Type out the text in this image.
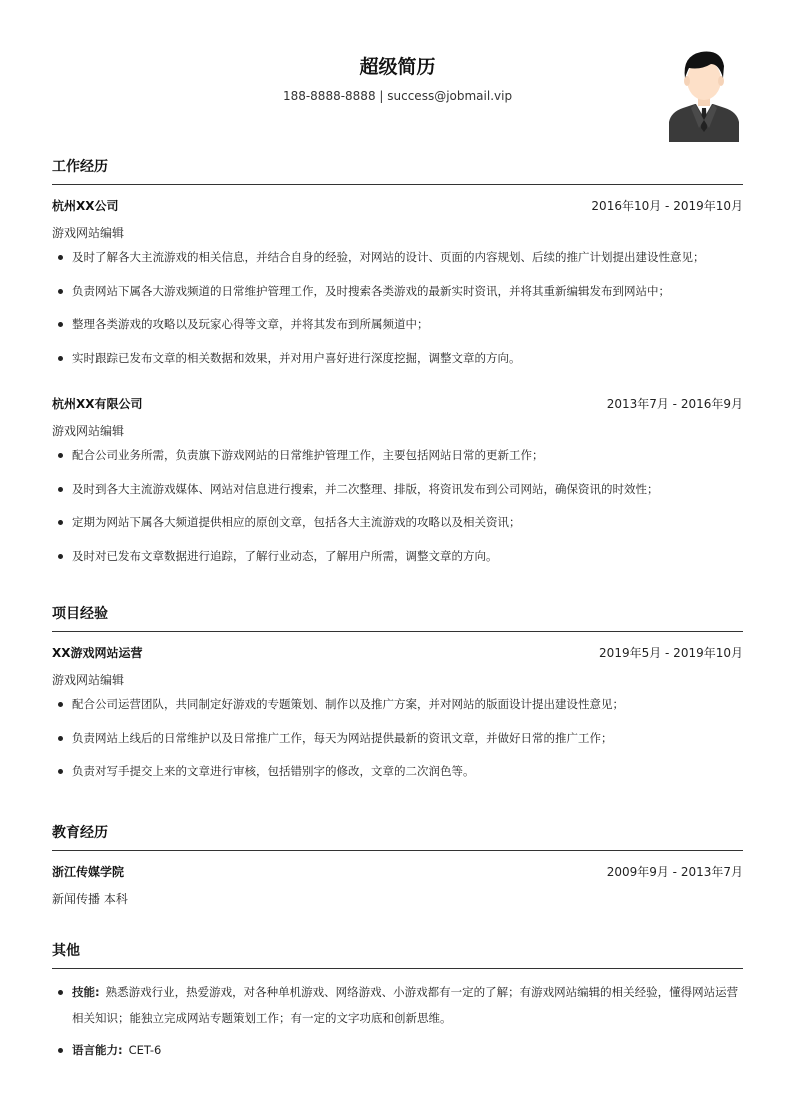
超级简历
188-8888-8888 | success@jobmail.vip
工作经历
杭州XX公司	2016年10月 - 2019年10月
游戏网站编辑
及时了解各大主流游戏的相关信息，并结合自身的经验，对网站的设计、页面的内容规划、后续的推广计划提出建设性意见；
负责网站下属各大游戏频道的日常维护管理工作，及时搜索各类游戏的最新实时资讯，并将其重新编辑发布到网站中；
整理各类游戏的攻略以及玩家心得等文章，并将其发布到所属频道中；
实时跟踪已发布文章的相关数据和效果，并对用户喜好进行深度挖掘，调整文章的方向。
杭州XX有限公司	2013年7月 - 2016年9月
游戏网站编辑
配合公司业务所需，负责旗下游戏网站的日常维护管理工作，主要包括网站日常的更新工作；
及时到各大主流游戏媒体、网站对信息进行搜索，并二次整理、排版，将资讯发布到公司网站，确保资讯的时效性；
定期为网站下属各大频道提供相应的原创文章，包括各大主流游戏的攻略以及相关资讯；
及时对已发布文章数据进行追踪，了解行业动态，了解用户所需，调整文章的方向。
项目经验
XX游戏网站运营	2019年5月 - 2019年10月
游戏网站编辑
配合公司运营团队，共同制定好游戏的专题策划、制作以及推广方案，并对网站的版面设计提出建设性意见；
负责网站上线后的日常维护以及日常推广工作，每天为网站提供最新的资讯文章，并做好日常的推广工作；
负责对写手提交上来的文章进行审核，包括错别字的修改，文章的二次润色等。
教育经历
浙江传媒学院	2009年9月 - 2013年7月
新闻传播 本科
其他
技能: 熟悉游戏行业，热爱游戏，对各种单机游戏、网络游戏、小游戏都有一定的了解；有游戏网站编辑的相关经验，懂得网站运营相关知识；能独立完成网站专题策划工作；有一定的文字功底和创新思维。
语言能力: CET-6
